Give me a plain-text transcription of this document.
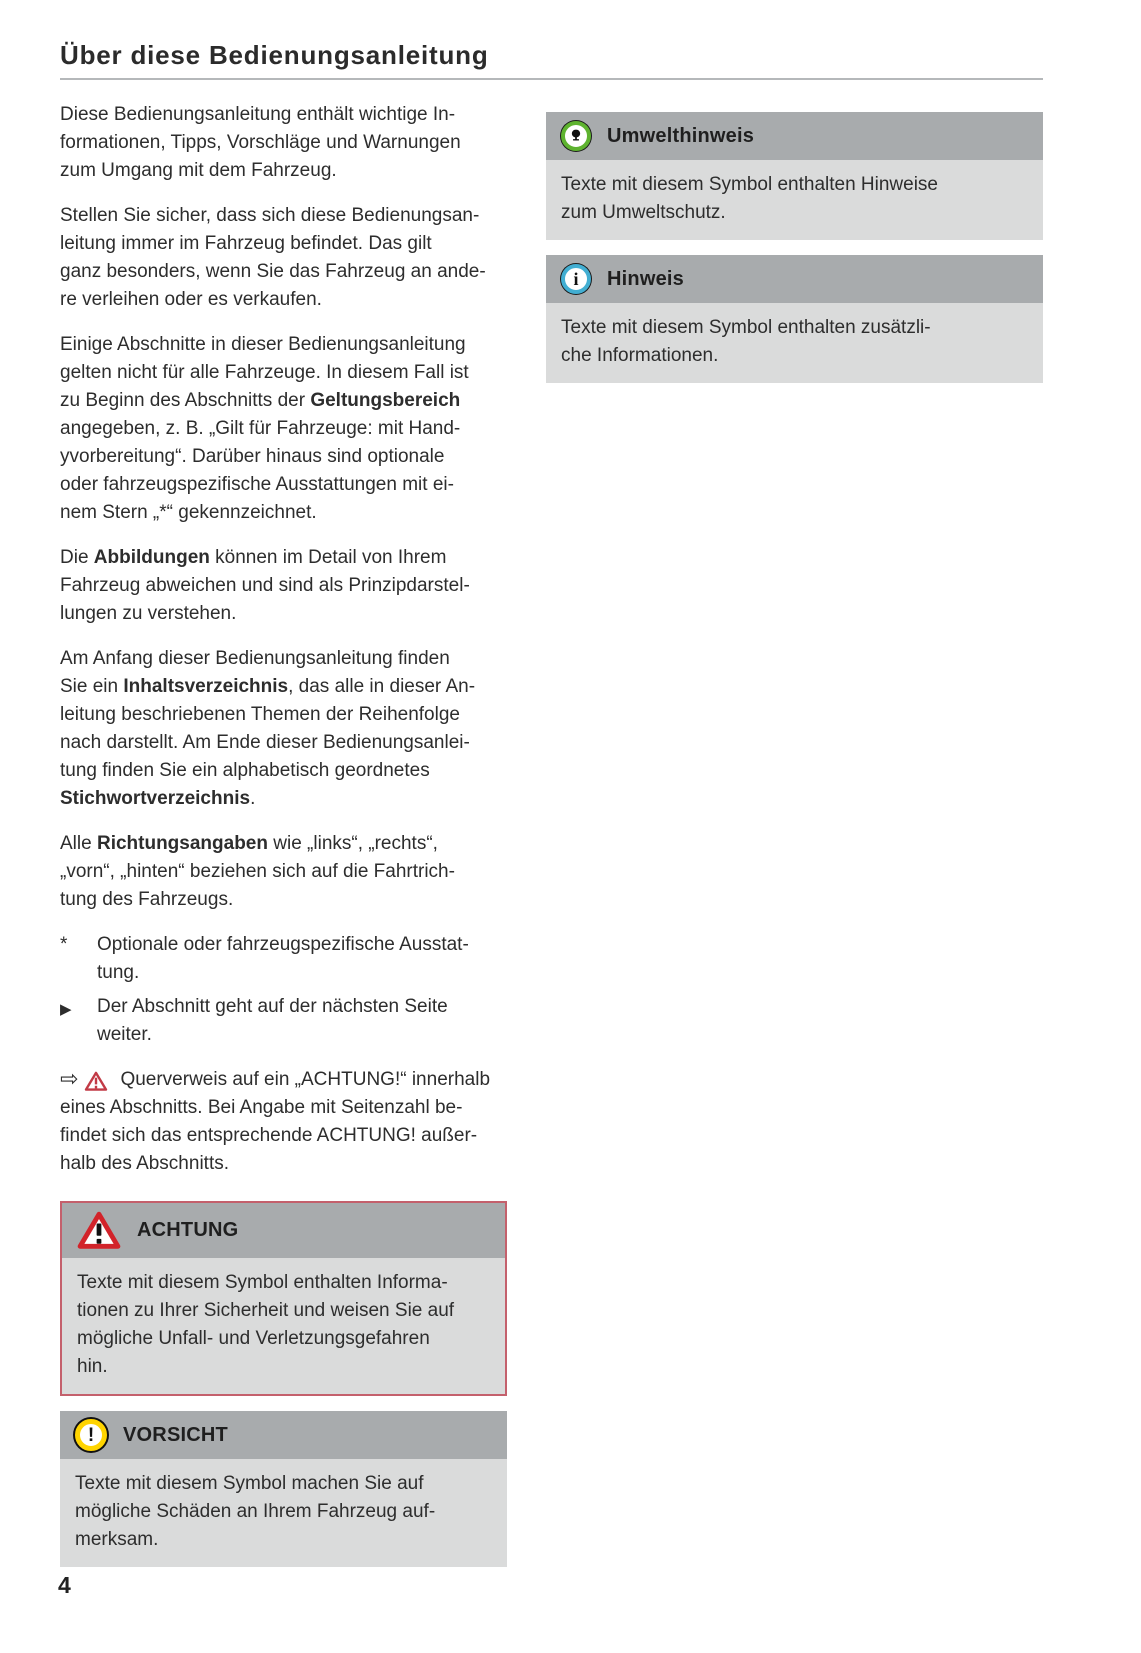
Über diese Bedienungsanleitung
Diese Bedienungsanleitung enthält wichtige In-
formationen, Tipps, Vorschläge und Warnungen
zum Umgang mit dem Fahrzeug.
Stellen Sie sicher, dass sich diese Bedienungsan-
leitung immer im Fahrzeug befindet. Das gilt
ganz besonders, wenn Sie das Fahrzeug an ande-
re verleihen oder es verkaufen.
Einige Abschnitte in dieser Bedienungsanleitung
gelten nicht für alle Fahrzeuge. In diesem Fall ist
zu Beginn des Abschnitts der Geltungsbereich
angegeben, z. B. „Gilt für Fahrzeuge: mit Hand-
yvorbereitung“. Darüber hinaus sind optionale
oder fahrzeugspezifische Ausstattungen mit ei-
nem Stern „*“ gekennzeichnet.
Die Abbildungen können im Detail von Ihrem
Fahrzeug abweichen und sind als Prinzipdarstel-
lungen zu verstehen.
Am Anfang dieser Bedienungsanleitung finden
Sie ein Inhaltsverzeichnis, das alle in dieser An-
leitung beschriebenen Themen der Reihenfolge
nach darstellt. Am Ende dieser Bedienungsanlei-
tung finden Sie ein alphabetisch geordnetes
Stichwortverzeichnis.
Alle Richtungsangaben wie „links“, „rechts“,
„vorn“, „hinten“ beziehen sich auf die Fahrtrich-
tung des Fahrzeugs.
*	Optionale oder fahrzeugspezifische Ausstat-
tung.
▶	Der Abschnitt geht auf der nächsten Seite
weiter.
⇨ Querverweis auf ein „ACHTUNG!“ innerhalb
eines Abschnitts. Bei Angabe mit Seitenzahl be-
findet sich das entsprechende ACHTUNG! außer-
halb des Abschnitts.
ACHTUNG
Texte mit diesem Symbol enthalten Informa-
tionen zu Ihrer Sicherheit und weisen Sie auf
mögliche Unfall- und Verletzungsgefahren
hin.
! VORSICHT
Texte mit diesem Symbol machen Sie auf
mögliche Schäden an Ihrem Fahrzeug auf-
merksam.
Umwelthinweis
Texte mit diesem Symbol enthalten Hinweise
zum Umweltschutz.
i Hinweis
Texte mit diesem Symbol enthalten zusätzli-
che Informationen.
4
